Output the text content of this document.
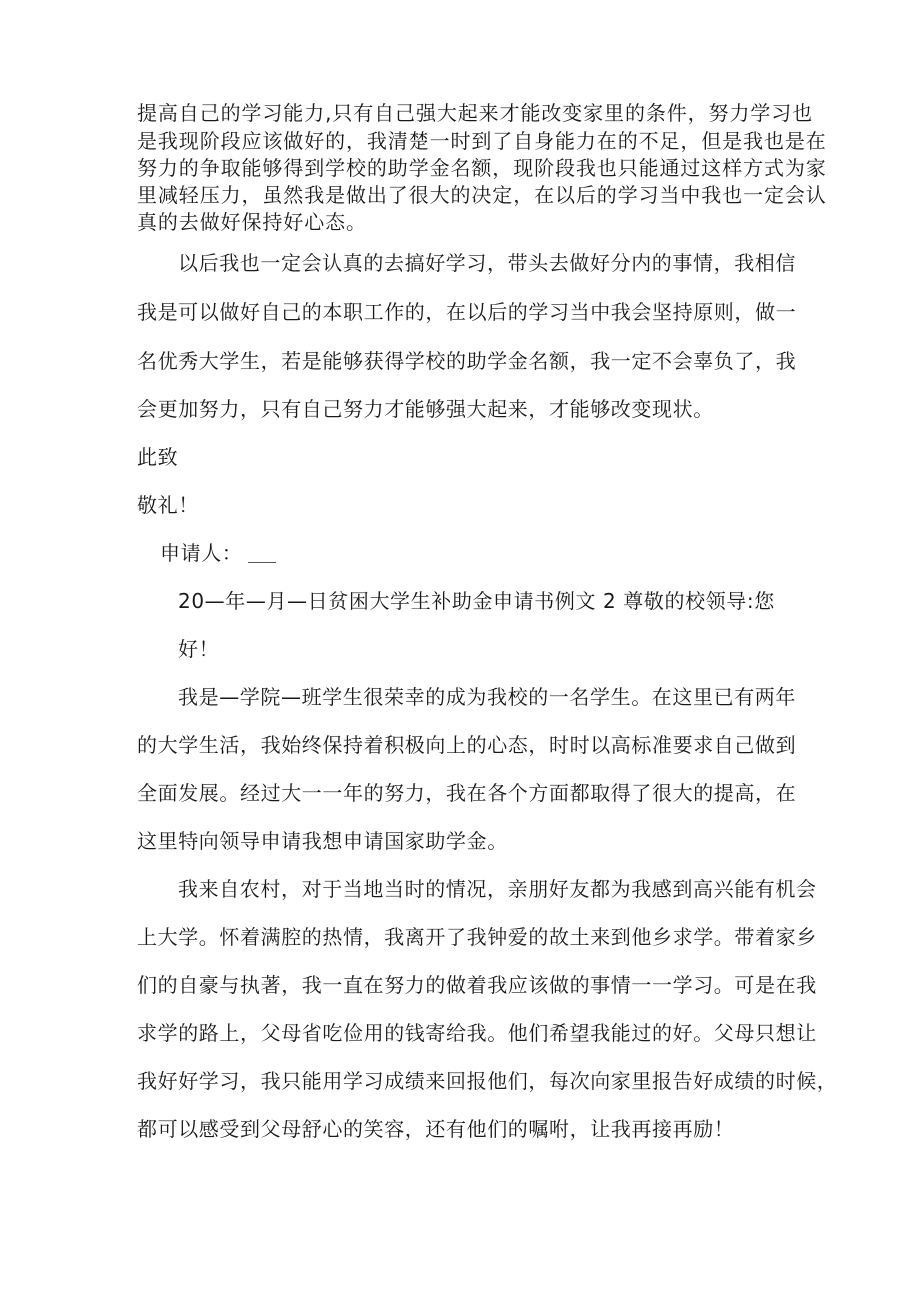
提高自己的学习能力,只有自己强大起来才能改变家里的条件，努力学习也
是我现阶段应该做好的，我清楚一时到了自身能力在的不足，但是我也是在
努力的争取能够得到学校的助学金名额，现阶段我也只能通过这样方式为家
里减轻压力，虽然我是做出了很大的决定，在以后的学习当中我也一定会认
真的去做好保持好心态。
以后我也一定会认真的去搞好学习，带头去做好分内的事情，我相信
我是可以做好自己的本职工作的，在以后的学习当中我会坚持原则，做一
名优秀大学生，若是能够获得学校的助学金名额，我一定不会辜负了，我
会更加努力，只有自己努力才能够强大起来，才能够改变现状。
此致
敬礼！
申请人：
20—年—月—日贫困大学生补助金申请书例文 2 尊敬的校领导:您
好！
我是—学院—班学生很荣幸的成为我校的一名学生。在这里已有两年
的大学生活，我始终保持着积极向上的心态，时时以高标准要求自己做到
全面发展。经过大一一年的努力，我在各个方面都取得了很大的提高，在
这里特向领导申请我想申请国家助学金。
我来自农村，对于当地当时的情况，亲朋好友都为我感到高兴能有机会
上大学。怀着满腔的热情，我离开了我钟爱的故土来到他乡求学。带着家乡
们的自豪与执著，我一直在努力的做着我应该做的事情一一学习。可是在我
求学的路上，父母省吃俭用的钱寄给我。他们希望我能过的好。父母只想让
我好好学习，我只能用学习成绩来回报他们，每次向家里报告好成绩的时候，
都可以感受到父母舒心的笑容，还有他们的嘱咐，让我再接再励！
